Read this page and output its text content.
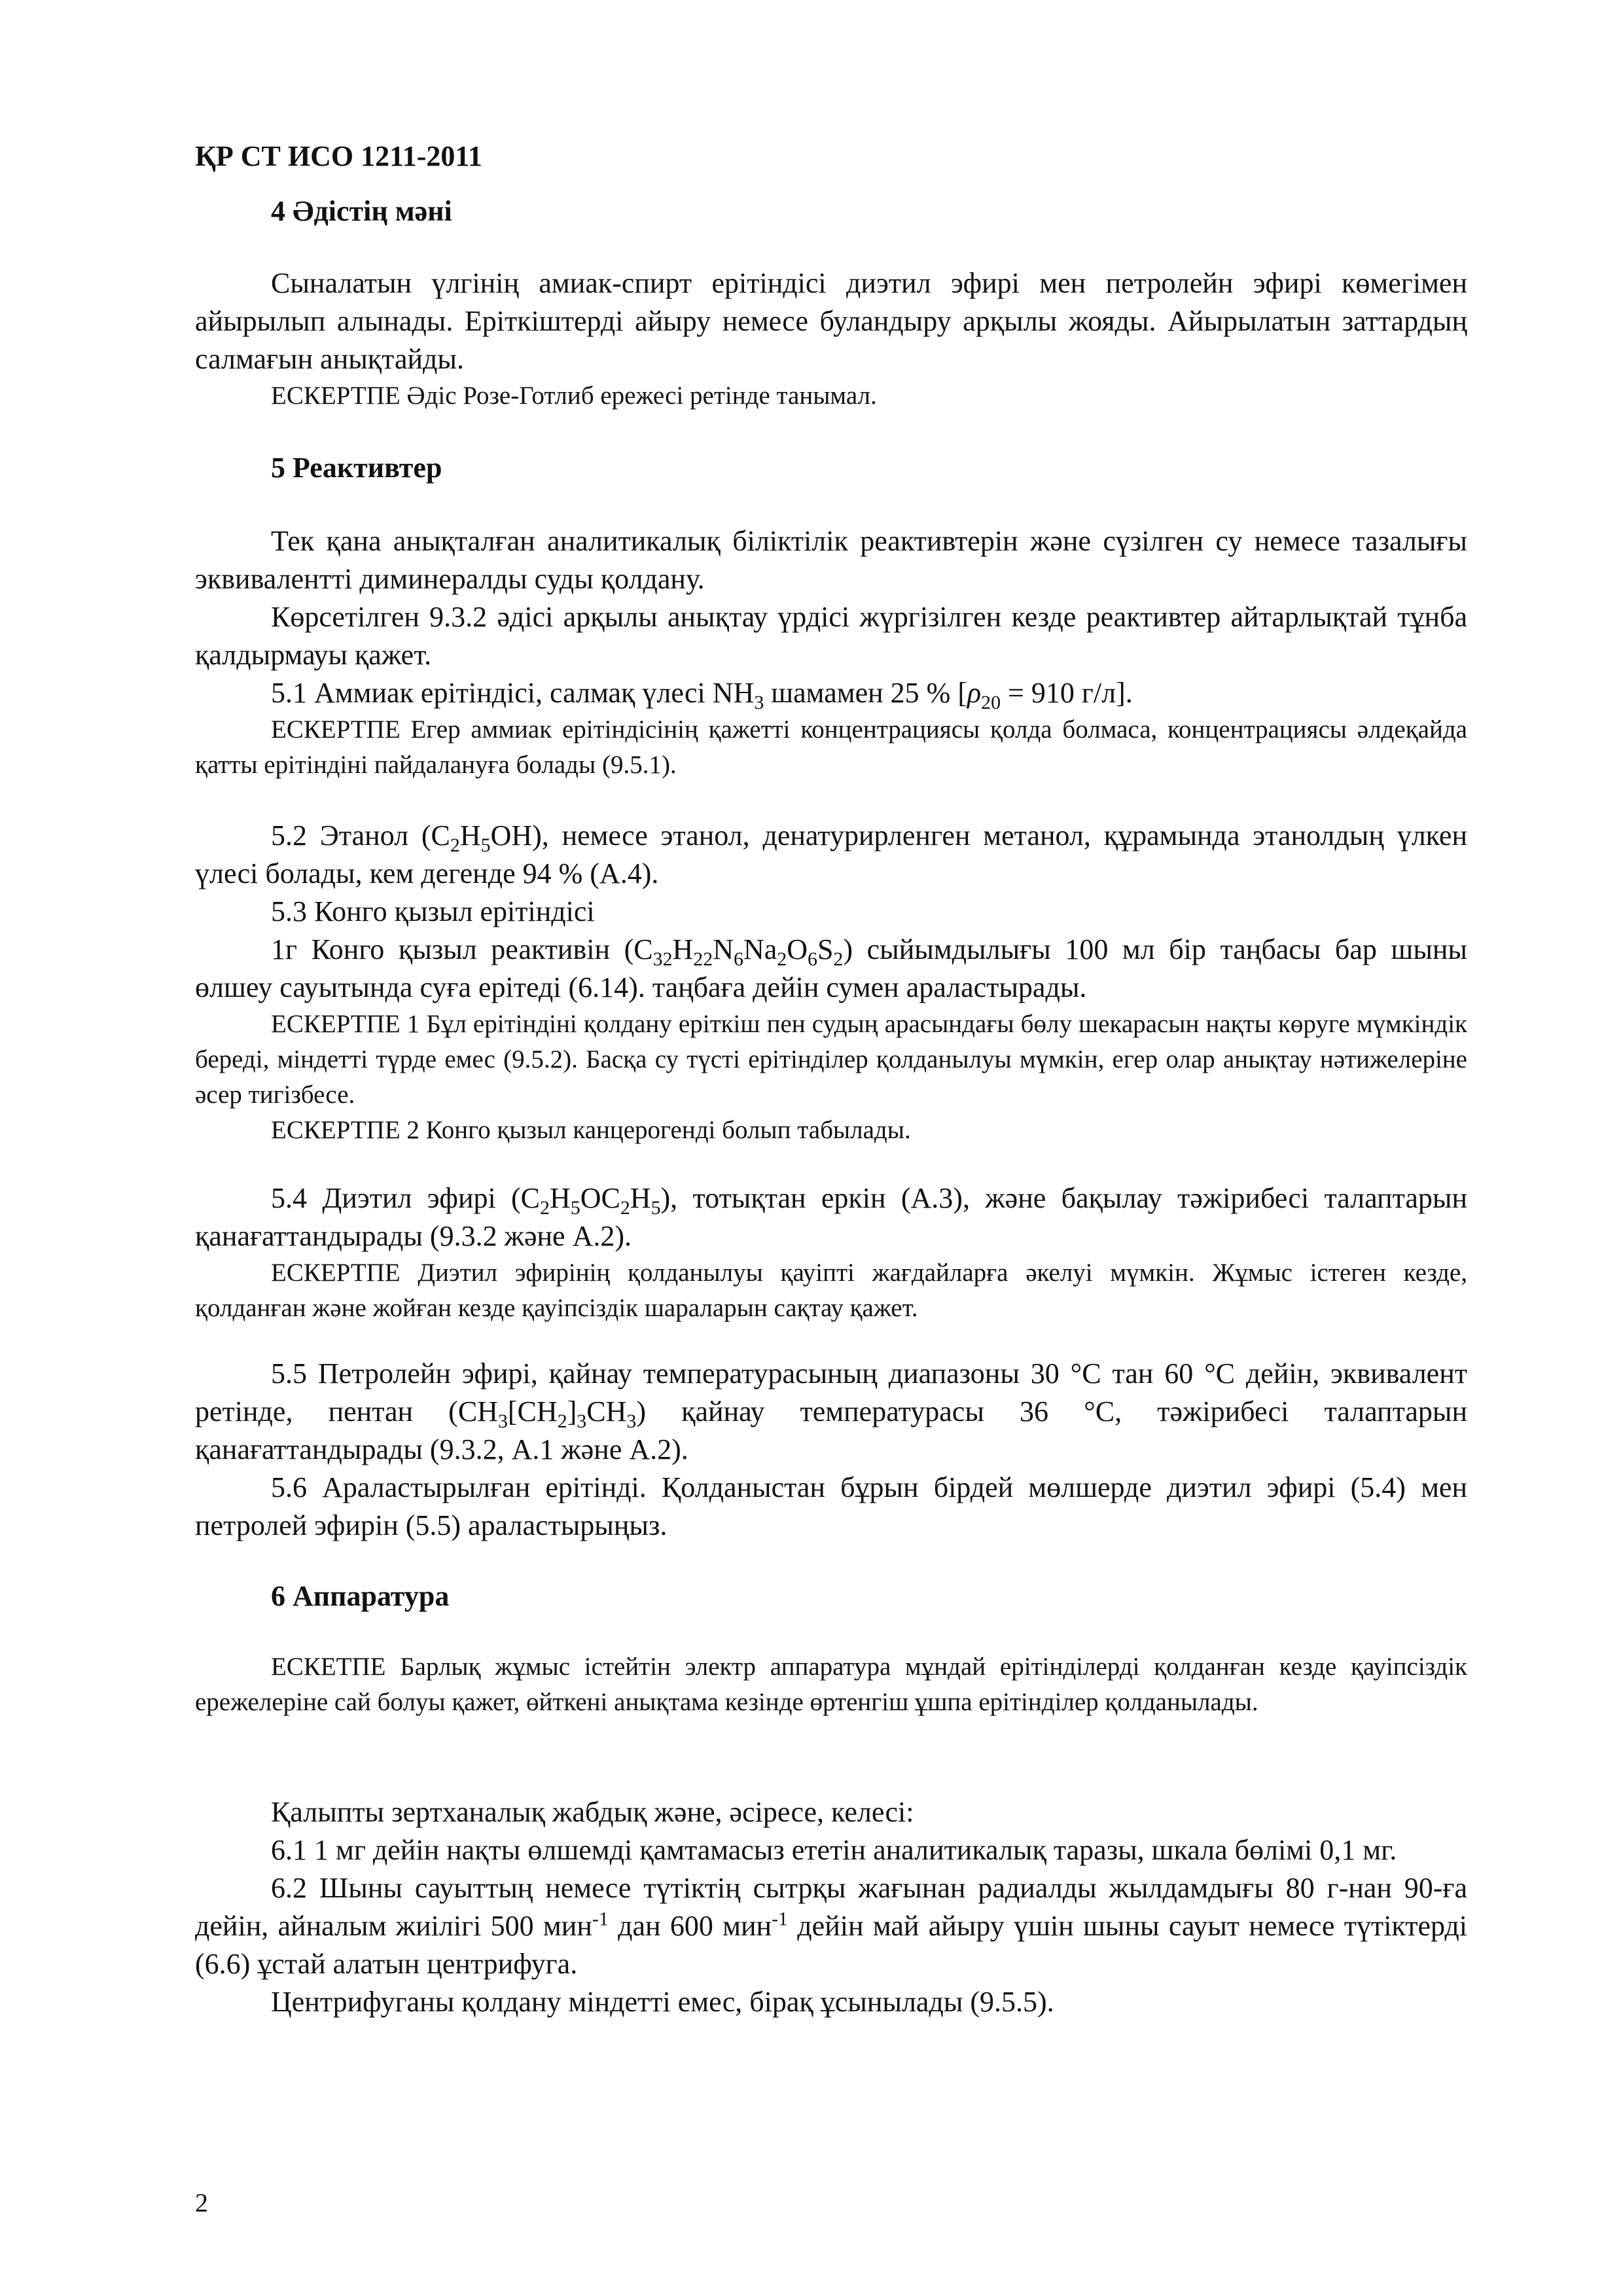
ҚР СТ ИСО 1211-2011

4 Әдістің мәні

Сыналатын үлгінің амиак-спирт ерітіндісі диэтил эфирі мен петролейн эфирі көмегімен айырылып алынады. Еріткіштерді айыру немесе буландыру арқылы жояды. Айырылатын заттардың салмағын анықтайды.

ЕСКЕРТПЕ Әдіс Розе-Готлиб ережесі ретінде танымал.

5 Реактивтер

Тек қана анықталған аналитикалық біліктілік реактивтерін және сүзілген су немесе тазалығы эквивалентті диминералды суды қолдану.

Көрсетілген 9.3.2 әдісі арқылы анықтау үрдісі жүргізілген кезде реактивтер айтарлықтай тұнба қалдырмауы қажет.

5.1 Аммиак ерітіндісі, салмақ үлесі $NH_3$ шамамен 25 % [$\rho_{20} = 910$ г/л].

ЕСКЕРТПЕ Егер аммиак ерітіндісінің қажетті концентрациясы қолда болмаса, концентрациясы әлдеқайда қатты ерітіндіні пайдалануға болады (9.5.1).

5.2 Этанол $(C_2H_5OH)$, немесе этанол, денатурирленген метанол, құрамында этанолдың үлкен үлесі болады, кем дегенде 94 % (А.4).

5.3 Конго қызыл ерітіндісі

1г Конго қызыл реактивін $(C_{32}H_{22}N_6Na_2O_6S_2)$ сыйымдылығы 100 мл бір таңбасы бар шыны өлшеу сауытында суға ерітеді (6.14). таңбаға дейін сумен араластырады.

ЕСКЕРТПЕ 1 Бұл ерітіндіні қолдану еріткіш пен судың арасындағы бөлу шекарасын нақты көруге мүмкіндік береді, міндетті түрде емес (9.5.2). Басқа су түсті ерітінділер қолданылуы мүмкін, егер олар анықтау нәтижелеріне әсер тигізбесе.

ЕСКЕРТПЕ 2 Конго қызыл канцерогенді болып табылады.

5.4 Диэтил эфирі $(C_2H_5OC_2H_5)$, тотықтан еркін (А.3), және бақылау тәжірибесі талаптарын қанағаттандырады (9.3.2 және А.2).

ЕСКЕРТПЕ Диэтил эфирінің қолданылуы қауіпті жағдайларға әкелуі мүмкін. Жұмыс істеген кезде, қолданған және жойған кезде қауіпсіздік шараларын сақтау қажет.

5.5 Петролейн эфирі, қайнау температурасының диапазоны 30 °С тан 60 °С дейін, эквивалент ретінде, пентан $(CH_3[CH_2]_3CH_3)$ қайнау температурасы 36 °С, тәжірибесі талаптарын қанағаттандырады (9.3.2, А.1 және А.2).

5.6 Араластырылған ерітінді. Қолданыстан бұрын бірдей мөлшерде диэтил эфирі (5.4) мен петролей эфирін (5.5) араластырыңыз.

6 Аппаратура

ЕСКЕТПЕ Барлық жұмыс істейтін электр аппаратура мұндай ерітінділерді қолданған кезде қауіпсіздік ережелеріне сай болуы қажет, өйткені анықтама кезінде өртенгіш ұшпа ерітінділер қолданылады.

Қалыпты зертханалық жабдық және, әсіресе, келесі:

6.1 1 мг дейін нақты өлшемді қамтамасыз ететін аналитикалық таразы, шкала бөлімі 0,1 мг.

6.2 Шыны сауыттың немесе түтіктің сытрқы жағынан радиалды жылдамдығы 80 г-нан 90-ға дейін, айналым жиілігі 500 мин$^{-1}$ дан 600 мин$^{-1}$ дейін май айыру үшін шыны сауыт немесе түтіктерді (6.6) ұстай алатын центрифуга.

Центрифуганы қолдану міндетті емес, бірақ ұсынылады (9.5.5).

2
